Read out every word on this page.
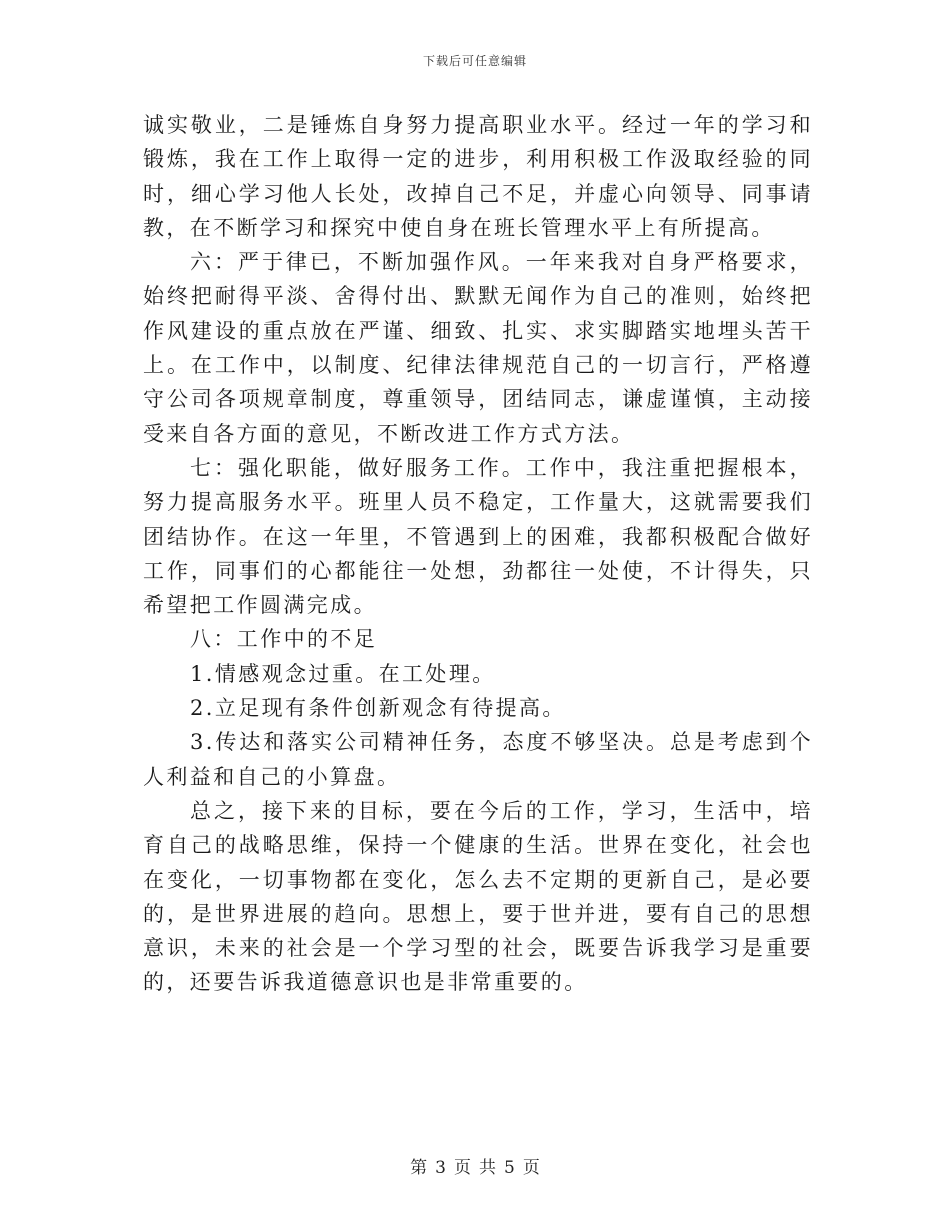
下载后可任意编辑

诚实敬业，二是锤炼自身努力提高职业水平。经过一年的学习和锻炼，我在工作上取得一定的进步，利用积极工作汲取经验的同时，细心学习他人长处，改掉自己不足，并虚心向领导、同事请教，在不断学习和探究中使自身在班长管理水平上有所提高。

六：严于律已，不断加强作风。一年来我对自身严格要求，始终把耐得平淡、舍得付出、默默无闻作为自己的准则，始终把作风建设的重点放在严谨、细致、扎实、求实脚踏实地埋头苦干上。在工作中，以制度、纪律法律规范自己的一切言行，严格遵守公司各项规章制度，尊重领导，团结同志，谦虚谨慎，主动接受来自各方面的意见，不断改进工作方式方法。

七：强化职能，做好服务工作。工作中，我注重把握根本，努力提高服务水平。班里人员不稳定，工作量大，这就需要我们团结协作。在这一年里，不管遇到上的困难，我都积极配合做好工作，同事们的心都能往一处想，劲都往一处使，不计得失，只希望把工作圆满完成。

八：工作中的不足

1.情感观念过重。在工处理。

2.立足现有条件创新观念有待提高。

3.传达和落实公司精神任务，态度不够坚决。总是考虑到个人利益和自己的小算盘。

总之，接下来的目标，要在今后的工作，学习，生活中，培育自己的战略思维，保持一个健康的生活。世界在变化，社会也在变化，一切事物都在变化，怎么去不定期的更新自己，是必要的，是世界进展的趋向。思想上，要于世并进，要有自己的思想意识，未来的社会是一个学习型的社会，既要告诉我学习是重要的，还要告诉我道德意识也是非常重要的。

第 3 页 共 5 页
